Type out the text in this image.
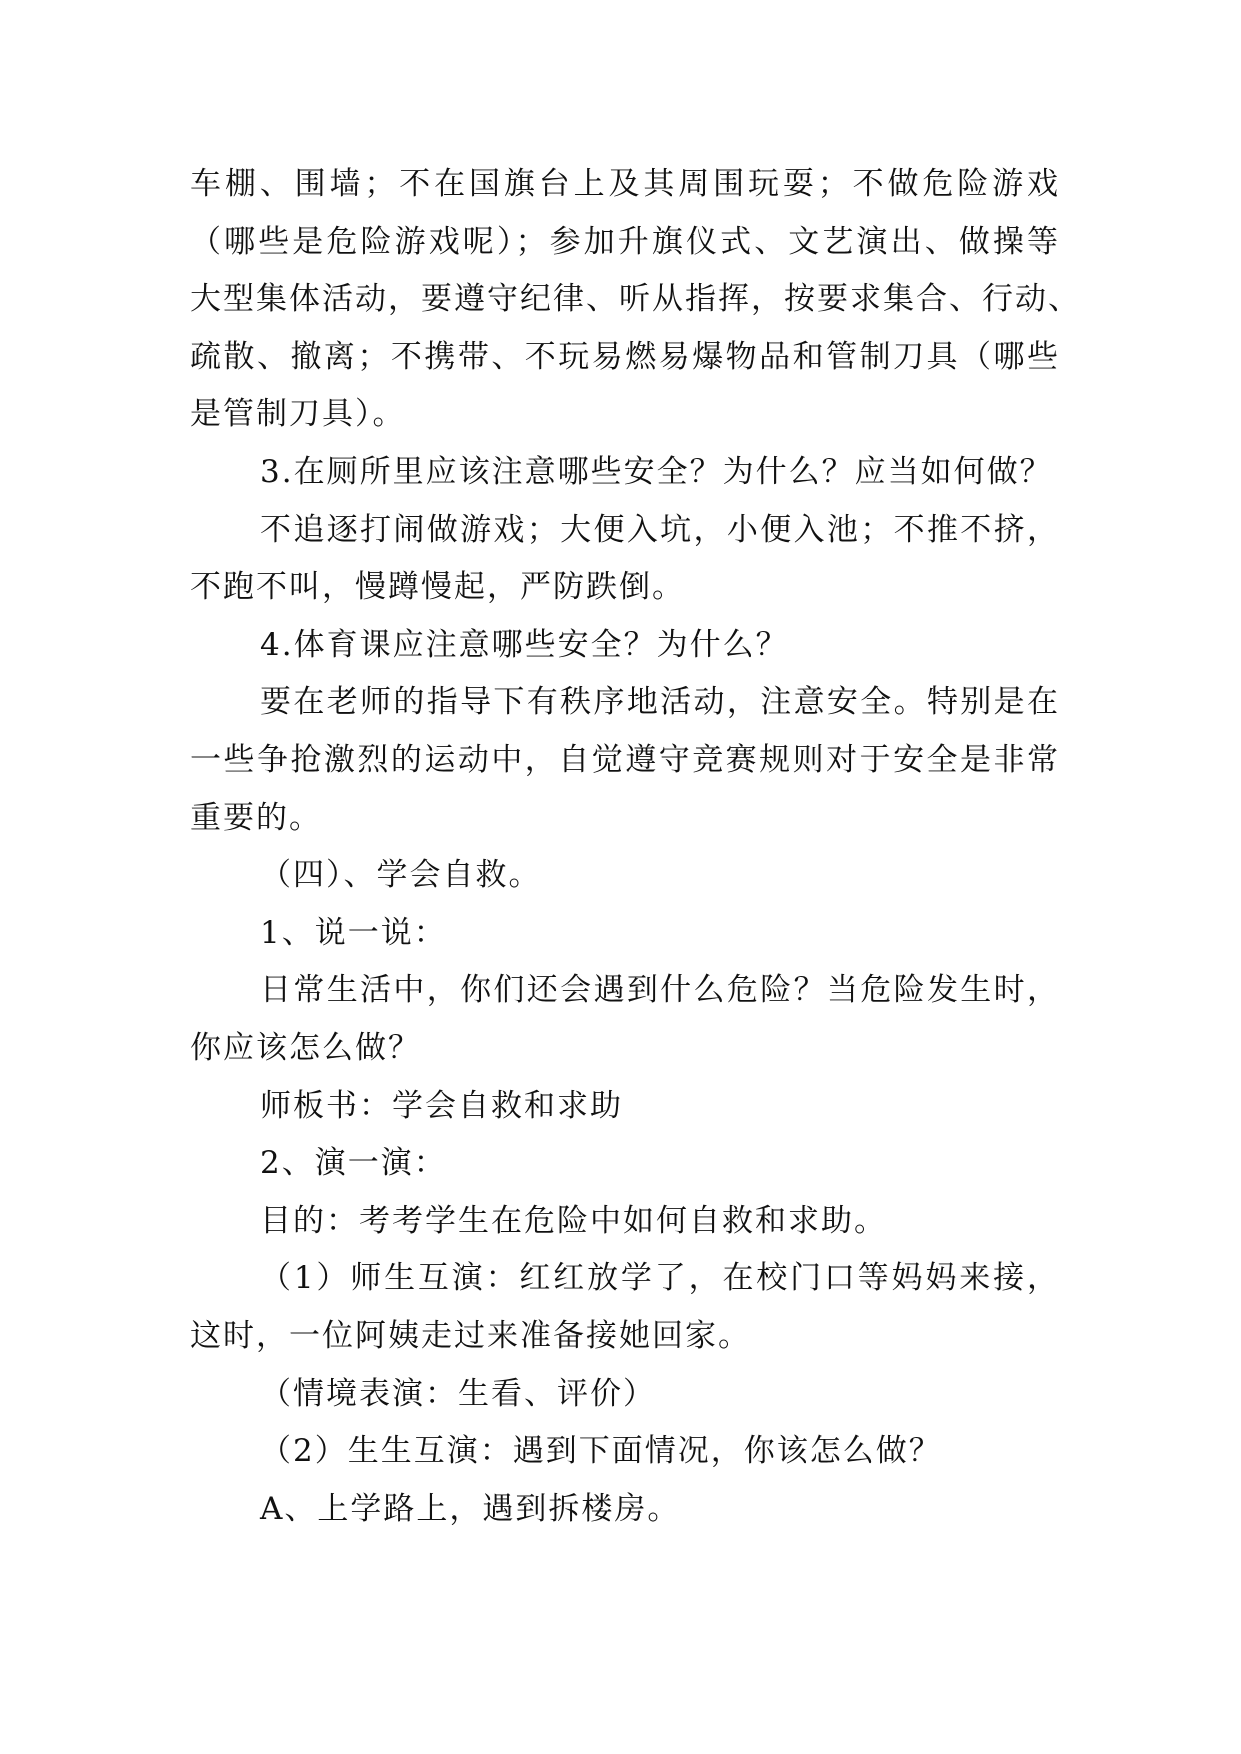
车棚、围墙；不在国旗台上及其周围玩耍；不做危险游戏
（哪些是危险游戏呢）；参加升旗仪式、文艺演出、做操等
大型集体活动，要遵守纪律、听从指挥，按要求集合、行动、
疏散、撤离；不携带、不玩易燃易爆物品和管制刀具（哪些
是管制刀具）。
3.在厕所里应该注意哪些安全？为什么？应当如何做？
不追逐打闹做游戏；大便入坑，小便入池；不推不挤，
不跑不叫，慢蹲慢起，严防跌倒。
4.体育课应注意哪些安全？为什么？
要在老师的指导下有秩序地活动，注意安全。特别是在
一些争抢激烈的运动中，自觉遵守竞赛规则对于安全是非常
重要的。
（四）、学会自救。
1、说一说：
日常生活中，你们还会遇到什么危险？当危险发生时，
你应该怎么做？
师板书：学会自救和求助
2、演一演：
目的：考考学生在危险中如何自救和求助。
（1）师生互演：红红放学了，在校门口等妈妈来接，
这时，一位阿姨走过来准备接她回家。
（情境表演：生看、评价）
（2）生生互演：遇到下面情况，你该怎么做？
A、上学路上，遇到拆楼房。
